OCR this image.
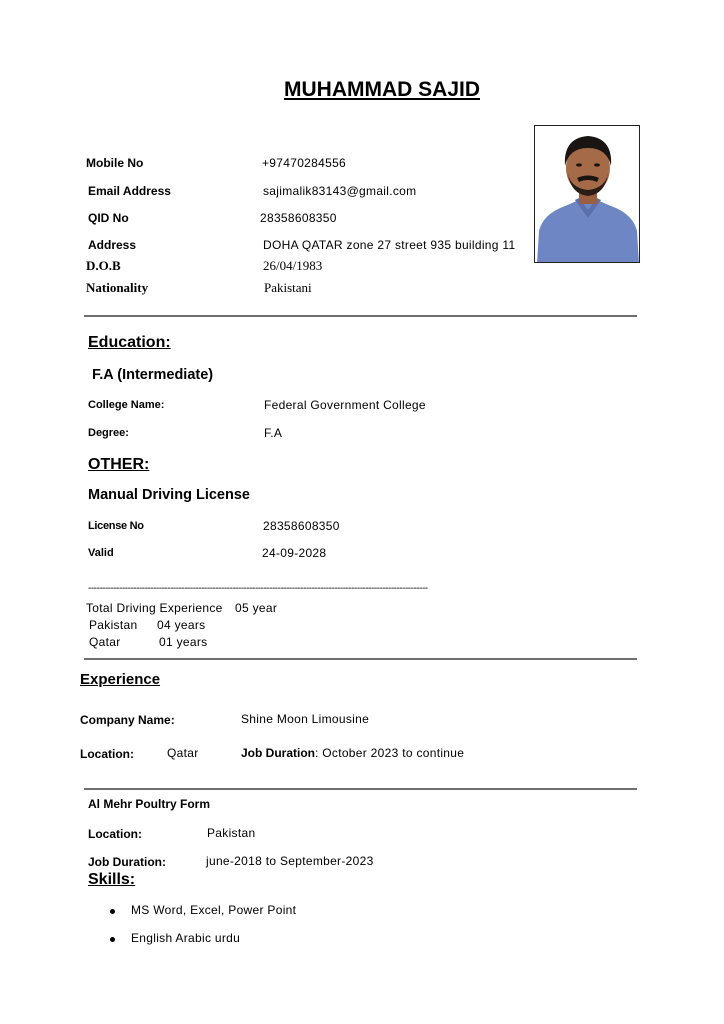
MUHAMMAD SAJID
Mobile No	+97470284556
Email Address	sajimalik83143@gmail.com
QID No	28358608350
Address	DOHA QATAR zone 27 street 935 building 11
D.O.B	26/04/1983
Nationality	Pakistani
Education:
F.A (Intermediate)
College Name:	Federal Government College
Degree:	F.A
OTHER:
Manual Driving License
License No	28358608350
Valid	24-09-2028
------------------------------------------------------------------------------------------------------------------------
Total Driving Experience 05 year
Pakistan 04 years
Qatar	01 years
Experience
Company Name:	Shine Moon Limousine
Location:	Qatar	Job Duration: October 2023 to continue
Al Mehr Poultry Form
Location:	Pakistan
Job Duration:	june-2018 to September-2023
Skills:
MS Word, Excel, Power Point
English Arabic urdu
